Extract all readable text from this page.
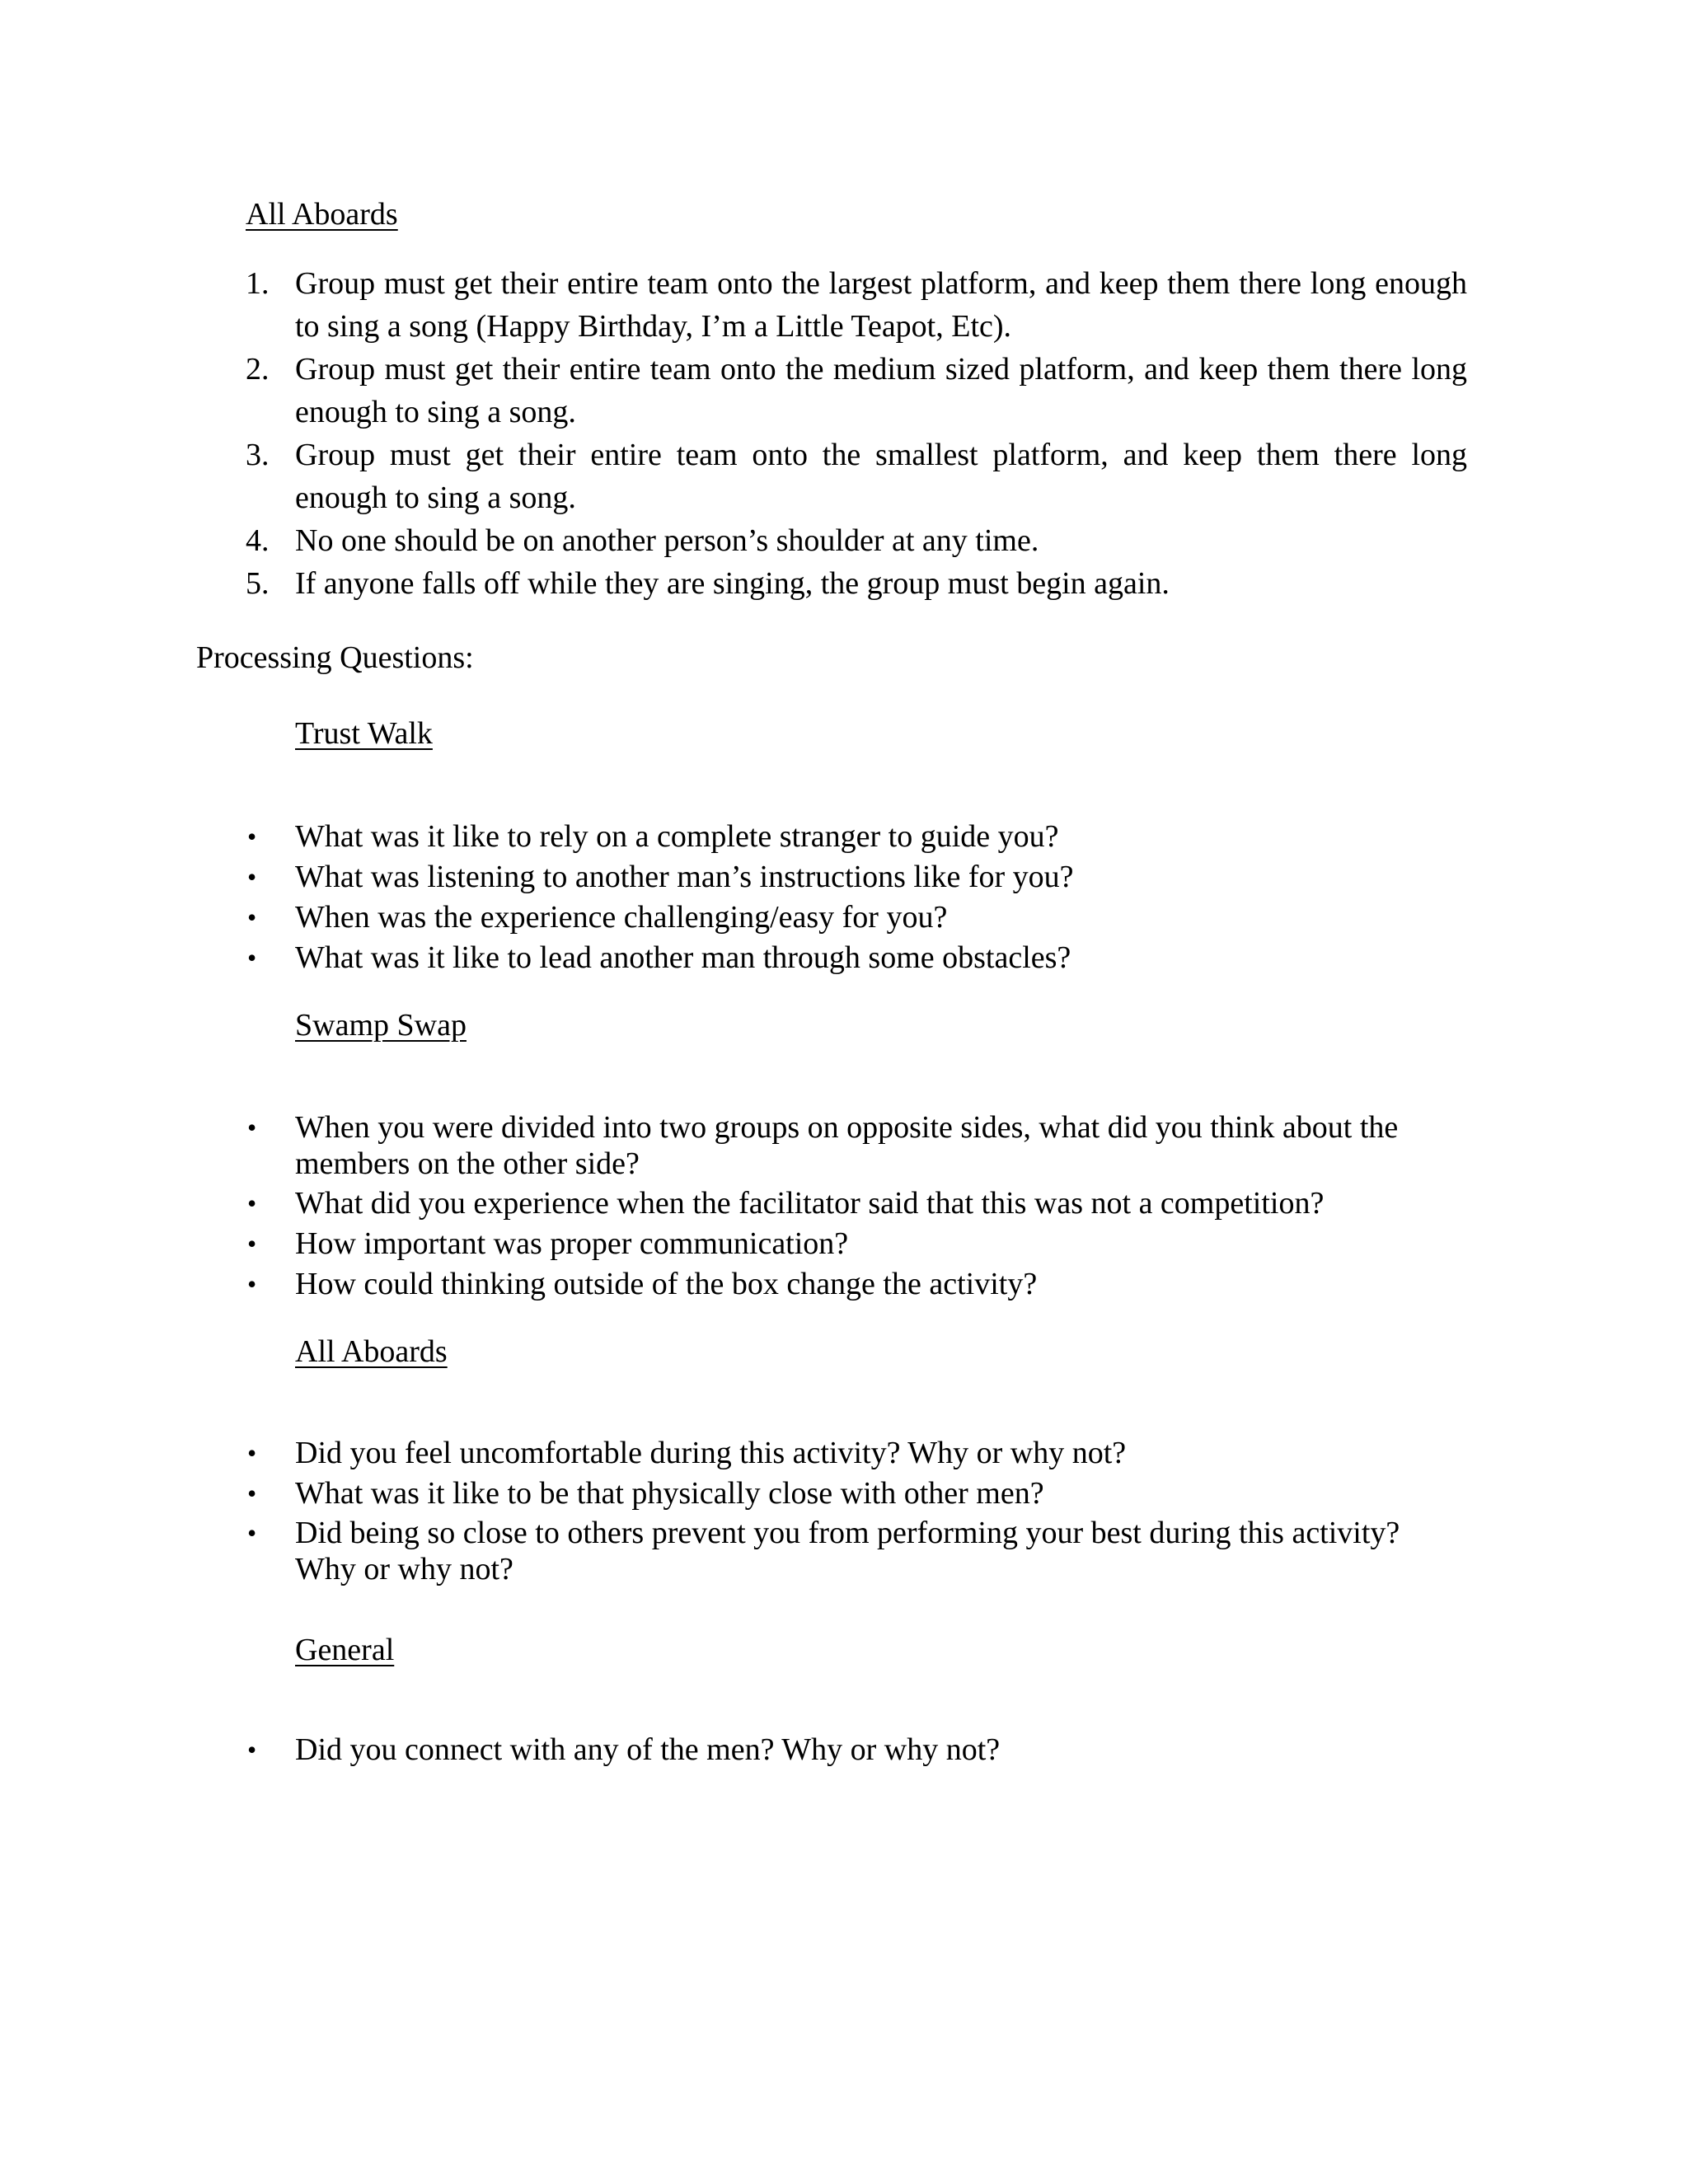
All Aboards
1. Group must get their entire team onto the largest platform, and keep them there long enough to sing a song (Happy Birthday, I’m a Little Teapot, Etc).
2. Group must get their entire team onto the medium sized platform, and keep them there long enough to sing a song.
3. Group must get their entire team onto the smallest platform, and keep them there long enough to sing a song.
4. No one should be on another person’s shoulder at any time.
5. If anyone falls off while they are singing, the group must begin again.
Processing Questions:
Trust Walk
• What was it like to rely on a complete stranger to guide you?
• What was listening to another man’s instructions like for you?
• When was the experience challenging/easy for you?
• What was it like to lead another man through some obstacles?
Swamp Swap
• When you were divided into two groups on opposite sides, what did you think about the members on the other side?
• What did you experience when the facilitator said that this was not a competition?
• How important was proper communication?
• How could thinking outside of the box change the activity?
All Aboards
• Did you feel uncomfortable during this activity? Why or why not?
• What was it like to be that physically close with other men?
• Did being so close to others prevent you from performing your best during this activity? Why or why not?
General
• Did you connect with any of the men? Why or why not?
